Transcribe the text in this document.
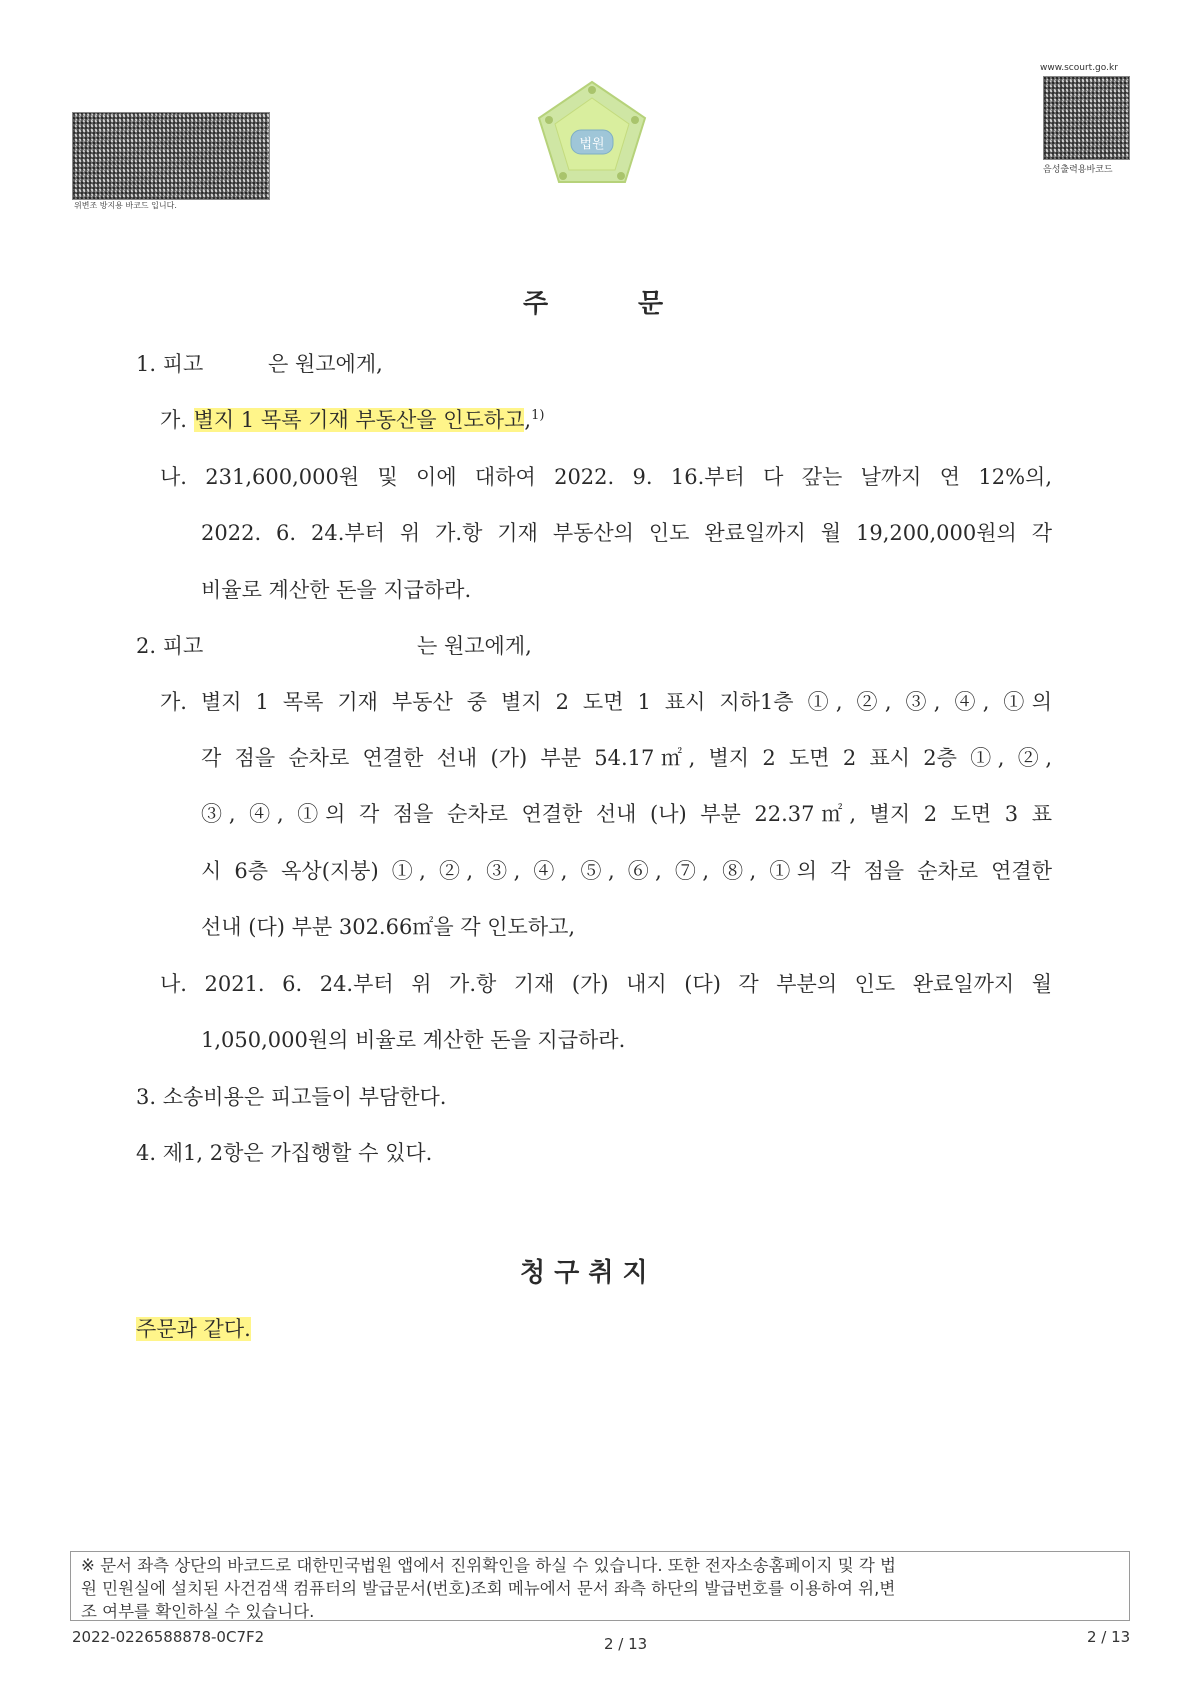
위변조 방지용 바코드 입니다.
법원
www.scourt.go.kr
음성출력용바코드
주	문
1. 피고	은 원고에게,
가. 별지 1 목록 기재 부동산을 인도하고,$^{1)}$
나. 231,600,000원 및 이에 대하여 2022. 9. 16.부터 다 갚는 날까지 연 12%의,
2022. 6. 24.부터 위 가.항 기재 부동산의 인도 완료일까지 월 19,200,000원의 각
비율로 계산한 돈을 지급하라.
2. 피고	는 원고에게,
가. 별지 1 목록 기재 부동산 중 별지 2 도면 1 표시 지하1층 ①, ②, ③, ④, ①의
각 점을 순차로 연결한 선내 (가) 부분 54.17㎡, 별지 2 도면 2 표시 2층 ①, ②,
③, ④, ①의 각 점을 순차로 연결한 선내 (나) 부분 22.37㎡, 별지 2 도면 3 표
시 6층 옥상(지붕) ①, ②, ③, ④, ⑤, ⑥, ⑦, ⑧, ①의 각 점을 순차로 연결한
선내 (다) 부분 302.66㎡을 각 인도하고,
나. 2021. 6. 24.부터 위 가.항 기재 (가) 내지 (다) 각 부분의 인도 완료일까지 월
1,050,000원의 비율로 계산한 돈을 지급하라.
3. 소송비용은 피고들이 부담한다.
4. 제1, 2항은 가집행할 수 있다.
청 구 취 지
주문과 같다.
※ 문서 좌측 상단의 바코드로 대한민국법원 앱에서 진위확인을 하실 수 있습니다. 또한 전자소송홈페이지 및 각 법
원 민원실에 설치된 사건검색 컴퓨터의 발급문서(번호)조회 메뉴에서 문서 좌측 하단의 발급번호를 이용하여 위,변
조 여부를 확인하실 수 있습니다.
2022-0226588878-0C7F2	2 / 13	2 / 13
